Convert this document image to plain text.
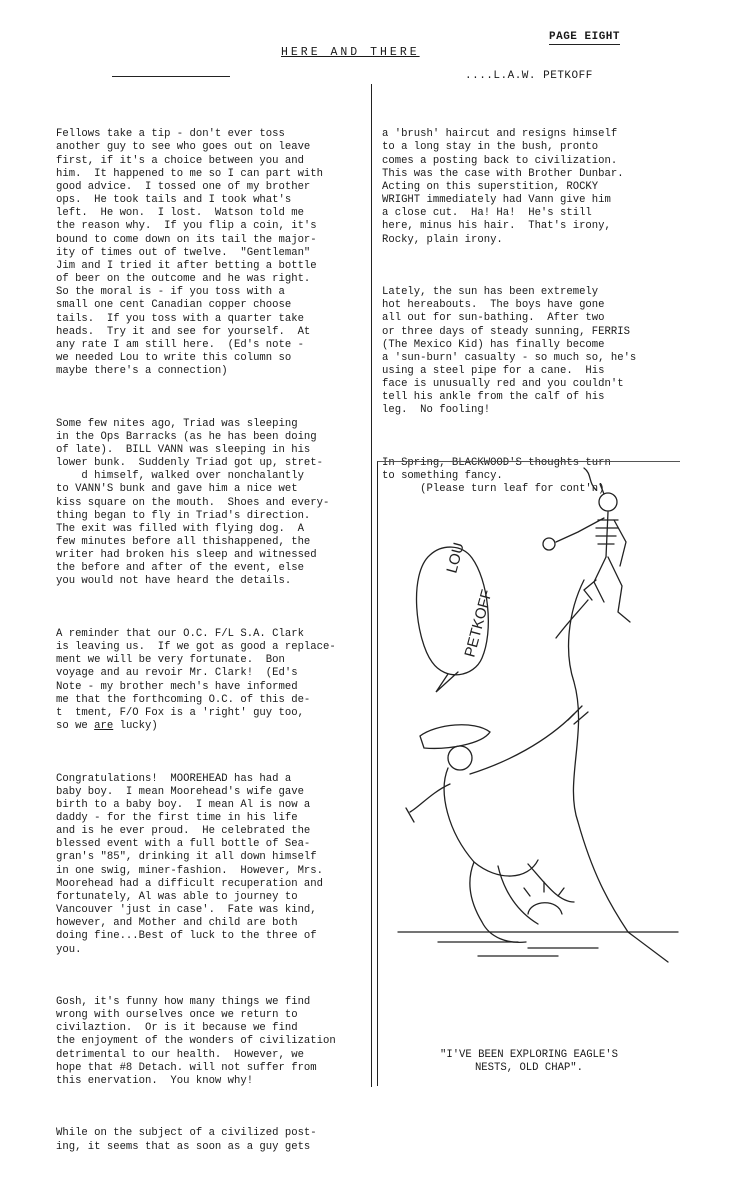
PAGE EIGHT
HERE AND THERE
....L.A.W. PETKOFF

Fellows take a tip - don't ever toss
another guy to see who goes out on leave
first, if it's a choice between you and
him.  It happened to me so I can part with
good advice.  I tossed one of my brother
ops.  He took tails and I took what's
left.  He won.  I lost.  Watson told me
the reason why.  If you flip a coin, it's
bound to come down on its tail the major-
ity of times out of twelve.  "Gentleman"
Jim and I tried it after betting a bottle
of beer on the outcome and he was right.
So the moral is - if you toss with a
small one cent Canadian copper choose
tails.  If you toss with a quarter take
heads.  Try it and see for yourself.  At
any rate I am still here.  (Ed's note -
we needed Lou to write this column so
maybe there's a connection)

Some few nites ago, Triad was sleeping
in the Ops Barracks (as he has been doing
of late).  BILL VANN was sleeping in his
lower bunk.  Suddenly Triad got up, stret-
d himself, walked over nonchalantly
to VANN'S bunk and gave him a nice wet
kiss square on the mouth.  Shoes and every-
thing began to fly in Triad's direction.
The exit was filled with flying dog.  A
few minutes before all thishappened, the
writer had broken his sleep and witnessed
the before and after of the event, else
you would not have heard the details.

A reminder that our O.C. F/L S.A. Clark
is leaving us.  If we got as good a replace-
ment we will be very fortunate.  Bon
voyage and au revoir Mr. Clark!  (Ed's
Note - my brother mech's have informed
me that the forthcoming O.C. of this de-
t  tment, F/O Fox is a 'right' guy too,
so we are lucky)

Congratulations!  MOOREHEAD has had a
baby boy.  I mean Moorehead's wife gave
birth to a baby boy.  I mean Al is now a
daddy - for the first time in his life
and is he ever proud.  He celebrated the
blessed event with a full bottle of Sea-
gran's "85", drinking it all down himself
in one swig, miner-fashion.  However, Mrs.
Moorehead had a difficult recuperation and
fortunately, Al was able to journey to
Vancouver 'just in case'.  Fate was kind,
however, and Mother and child are both
doing fine...Best of luck to the three of
you.

Gosh, it's funny how many things we find
wrong with ourselves once we return to
civilaztion.  Or is it because we find
the enjoyment of the wonders of civilization
detrimental to our health.  However, we
hope that #8 Detach. will not suffer from
this enervation.  You know why!

While on the subject of a civilized post-
ing, it seems that as soon as a guy gets

a 'brush' haircut and resigns himself
to a long stay in the bush, pronto
comes a posting back to civilization.
This was the case with Brother Dunbar.
Acting on this superstition, ROCKY
WRIGHT immediately had Vann give him
a close cut.  Ha! Ha!  He's still
here, minus his hair.  That's irony,
Rocky, plain irony.

Lately, the sun has been extremely
hot hereabouts.  The boys have gone
all out for sun-bathing.  After two
or three days of steady sunning, FERRIS
(The Mexico Kid) has finally become
a 'sun-burn' casualty - so much so, he's
using a steel pipe for a cane.  His
face is unusually red and you couldn't
tell his ankle from the calf of his
leg.  No fooling!

In Spring, BLACKWOOD'S thoughts turn
to something fancy.
(Please turn leaf for cont'n)

LOU
PETKOFF
"I'VE BEEN EXPLORING EAGLE'S
NESTS, OLD CHAP".
